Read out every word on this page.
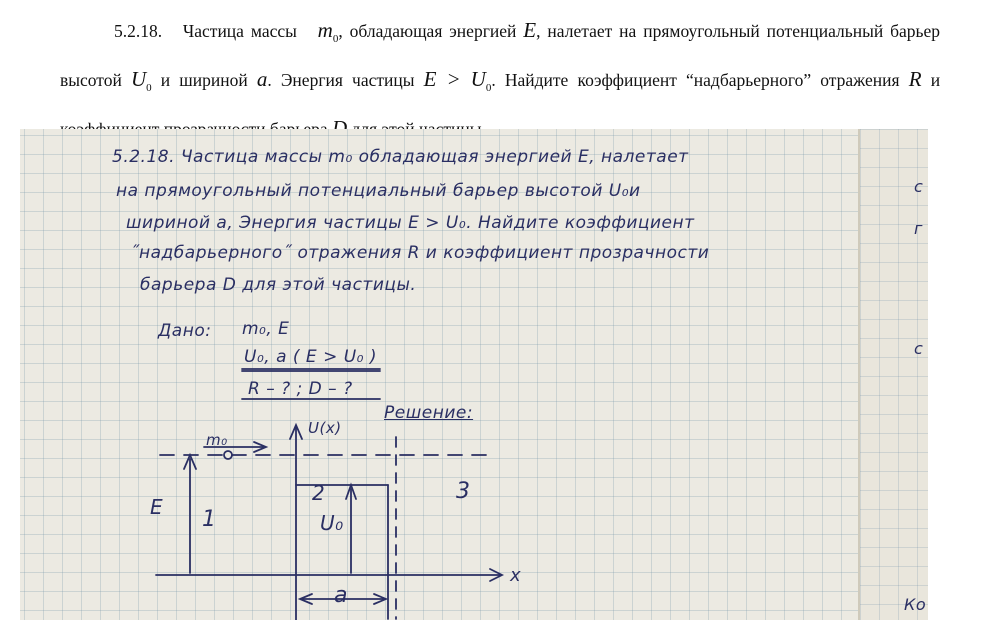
5.2.18. Частица массы $m_0$, обладающая энергией E, налетает на прямоугольный потенциальный барьер высотой $U_0$ и шириной a. Энергия частицы $E > U_0$. Найдите коэффициент “надбарьерного” отражения R и
5.2.18. Частица массы m₀ обладающая энергией E, налетает
на прямоугольный потенциальный барьер высотой U₀и
шириной a, Энергия частицы E > U₀. Найдите коэффициент
˝надбарьерного˝ отражения R и коэффициент прозрачности
барьера D для этой частицы.
Дано: m₀, E
U₀, a ( E > U₀ )
R – ? ; D – ?
Решение:
m₀
U(x)
x
E 1
2	3
U₀
a
c
г
с
Ко
